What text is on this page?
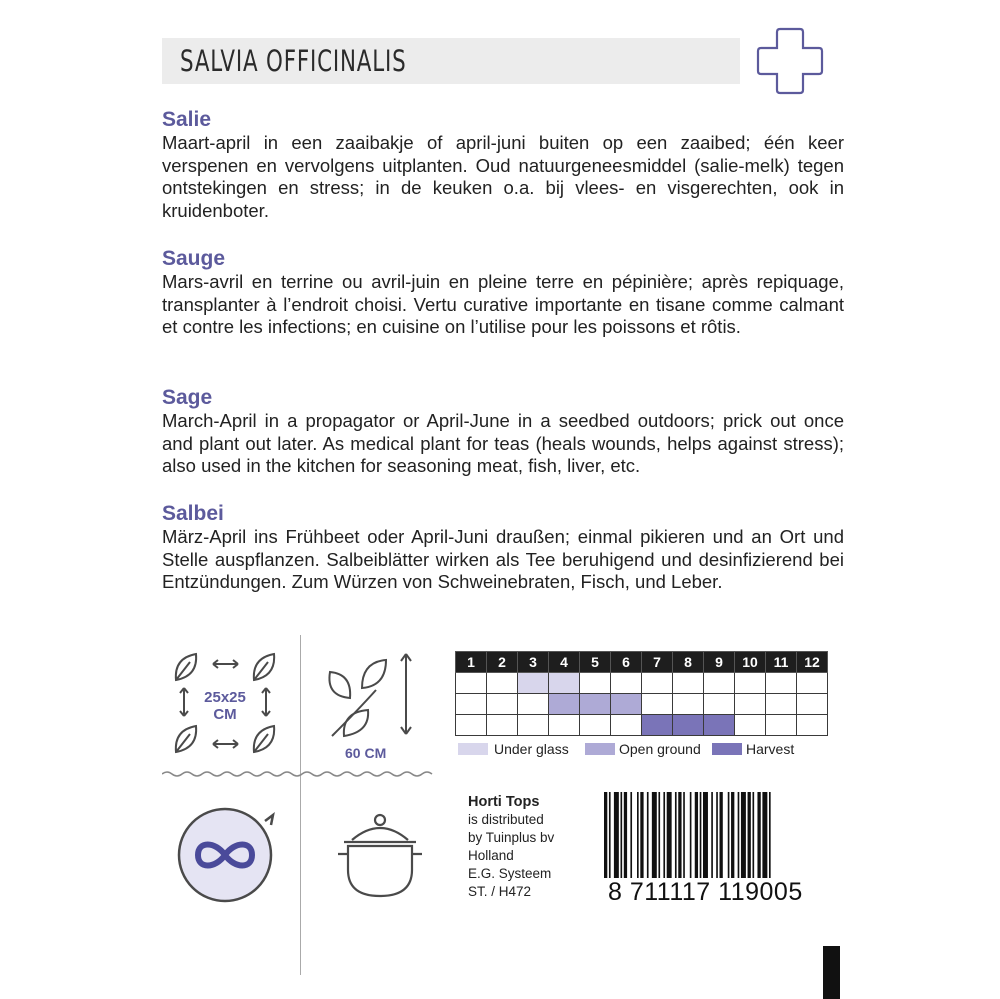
SALVIA OFFICINALIS
Salie

Maart-april in een zaaibakje of april-juni buiten op een zaaibed; één keer verspenen en vervolgens uitplanten. Oud natuurgeneesmiddel (salie-melk) tegen ontstekingen en stress; in de keuken o.a. bij vlees- en visgerechten, ook in kruidenboter.

Sauge

Mars-avril en terrine ou avril-juin en pleine terre en pépinière; après repiquage, transplanter à l’endroit choisi. Vertu curative importante en tisane comme calmant et contre les infections; en cuisine on l’utilise pour les poissons et rôtis.

Sage

March-April in a propagator or April-June in a seedbed outdoors; prick out once and plant out later. As medical plant for teas (heals wounds, helps against stress); also used in the kitchen for seasoning meat, fish, liver, etc.

Salbei

März-April ins Frühbeet oder April-Juni draußen; einmal pikieren und an Ort und Stelle auspflanzen. Salbeiblätter wirken als Tee beruhigend und desinfizierend bei Entzündungen. Zum Würzen von Schweinebraten, Fisch, und Leber.

25x25
CM
60 CM
1	2	3	4	5	6	7	8	9	10	11	12

Under glass	Open ground	Harvest
Horti Tops
is distributed
by Tuinplus bv
Holland
E.G. Systeem
ST. / H472	8 711117 119005
